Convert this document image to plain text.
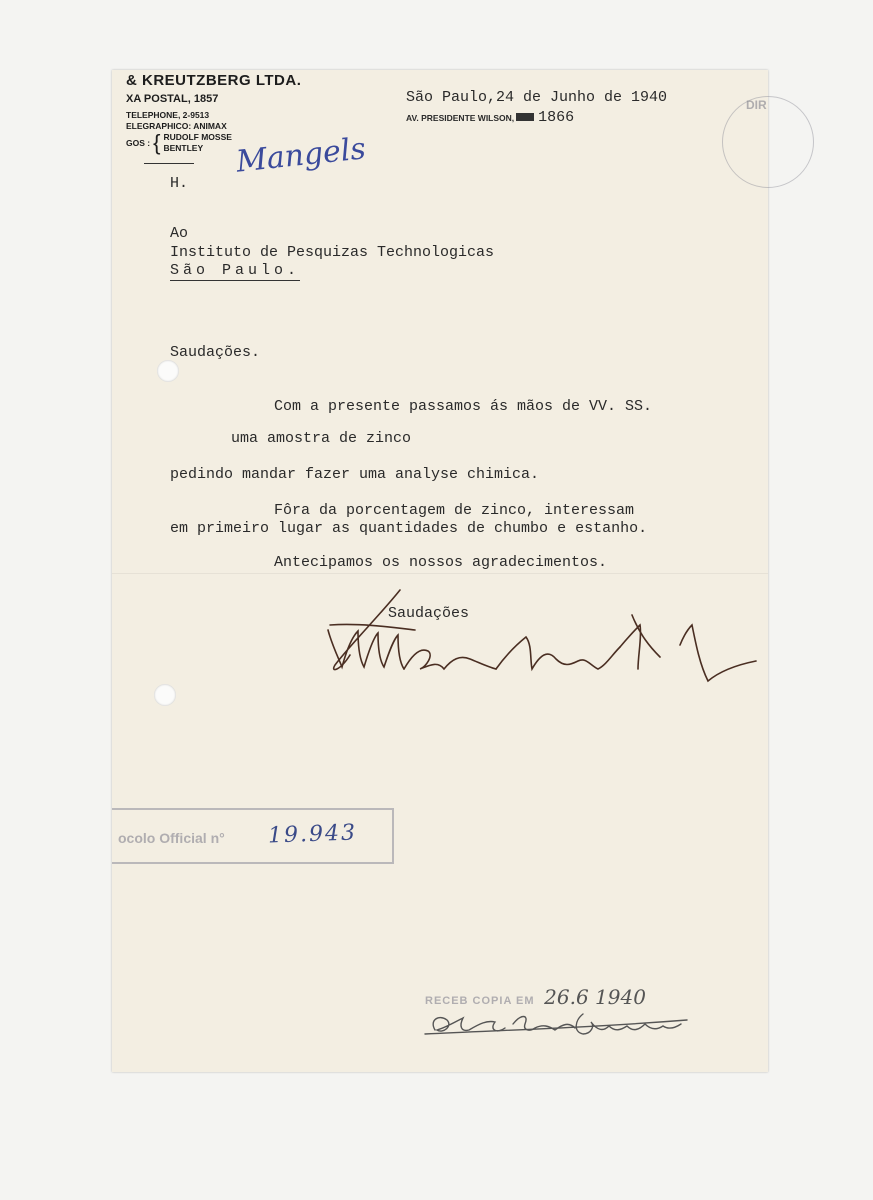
& KREUTZBERG LTDA.
XA POSTAL, 1857
TELEPHONE, 2-9513
ELEGRAPHICO: ANIMAX
GOS : { RUDOLF MOSSE
BENTLEY
São Paulo,24 de Junho de 1940
AV. PRESIDENTE WILSON, 1866
DIR
H.
Mangels
Ao
Instituto de Pesquizas Technologicas
São Paulo.
Saudações.
Com a presente passamos ás mãos de VV. SS.
uma amostra de zinco
pedindo mandar fazer uma analyse chimica.
Fôra da porcentagem de zinco, interessam
em primeiro lugar as quantidades de chumbo e estanho.
Antecipamos os nossos agradecimentos.
Saudações
ocolo Official n° 19.943
RECEB COPIA EM 26.6 1940
